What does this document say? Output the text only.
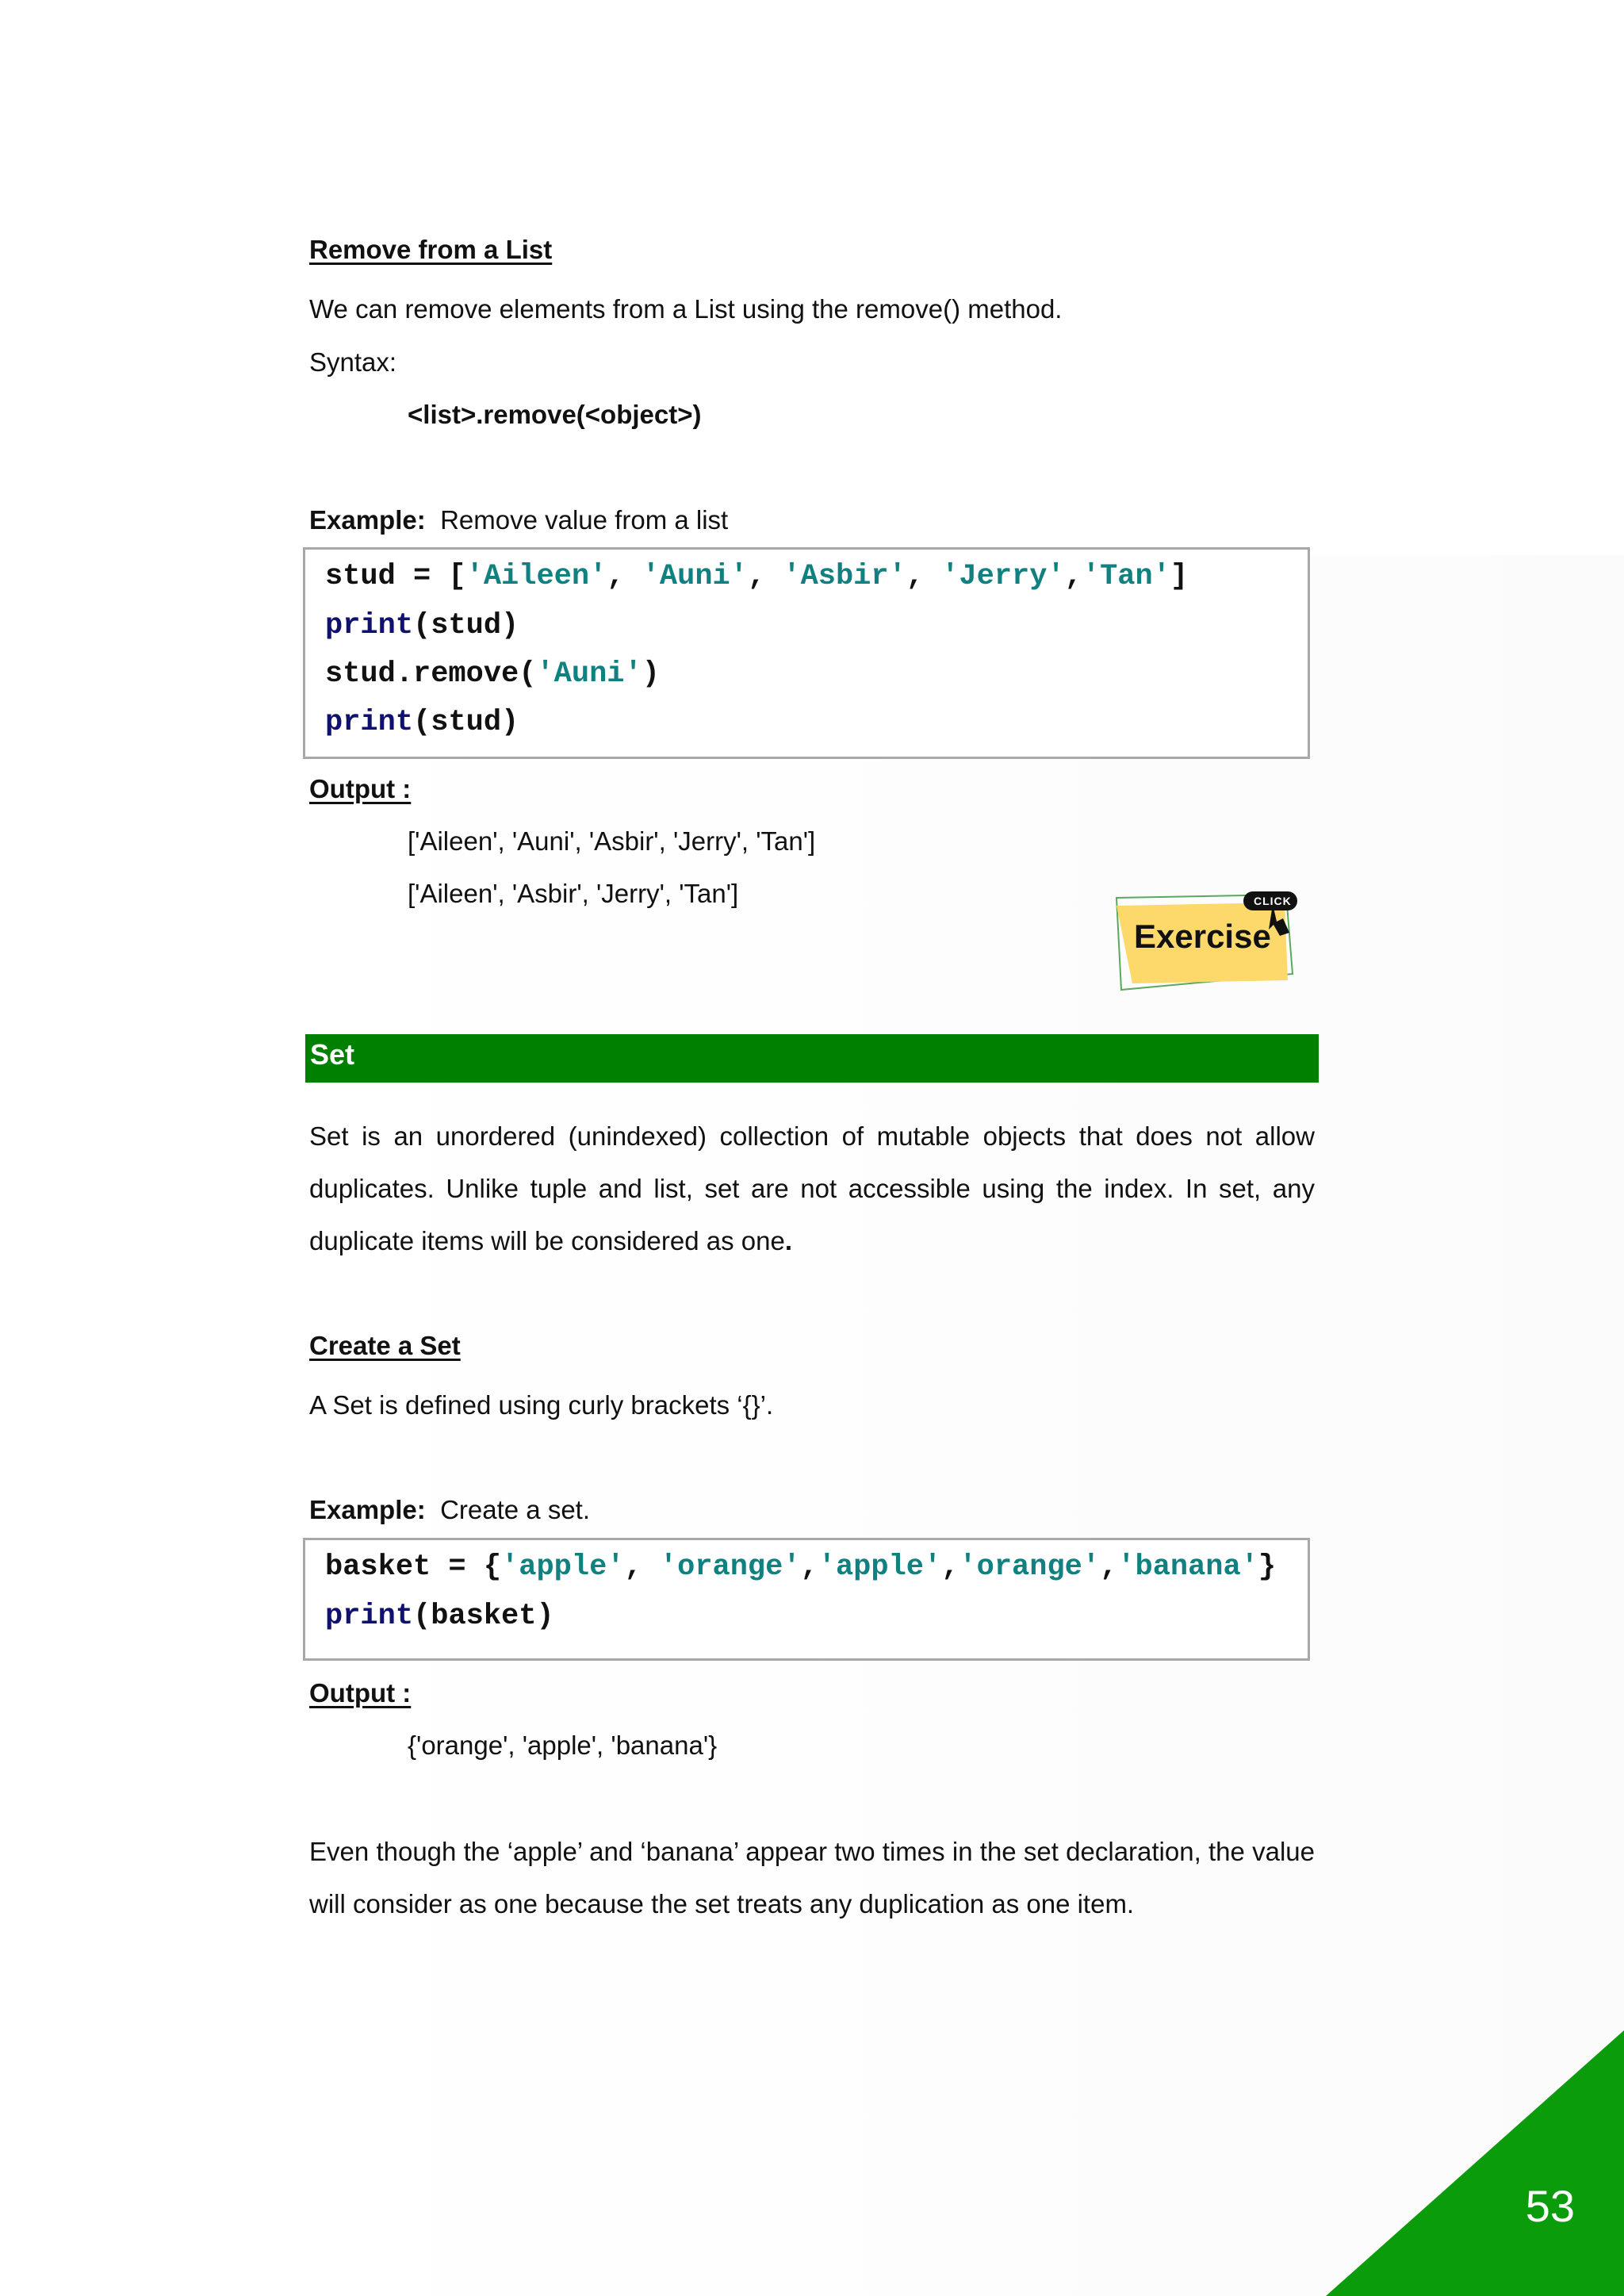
Remove from a List
We can remove elements from a List using the remove() method.
Syntax:
<list>.remove(<object>)
Example: Remove value from a list
stud = ['Aileen', 'Auni', 'Asbir', 'Jerry','Tan']
print(stud)
stud.remove('Auni')
print(stud)
Output :
['Aileen', 'Auni', 'Asbir', 'Jerry', 'Tan']
['Aileen', 'Asbir', 'Jerry', 'Tan']	CLICK
Exercise
Set

Set is an unordered (unindexed) collection of mutable objects that does not allow

duplicates. Unlike tuple and list, set are not accessible using the index. In set, any

duplicate items will be considered as one.

Create a Set
A Set is defined using curly brackets ‘{}’.
Example: Create a set.
basket = {'apple', 'orange','apple','orange','banana'}
print(basket)
Output :
{'orange', 'apple', 'banana'}

Even though the ‘apple’ and ‘banana’ appear two times in the set declaration, the value

will consider as one because the set treats any duplication as one item.

53
